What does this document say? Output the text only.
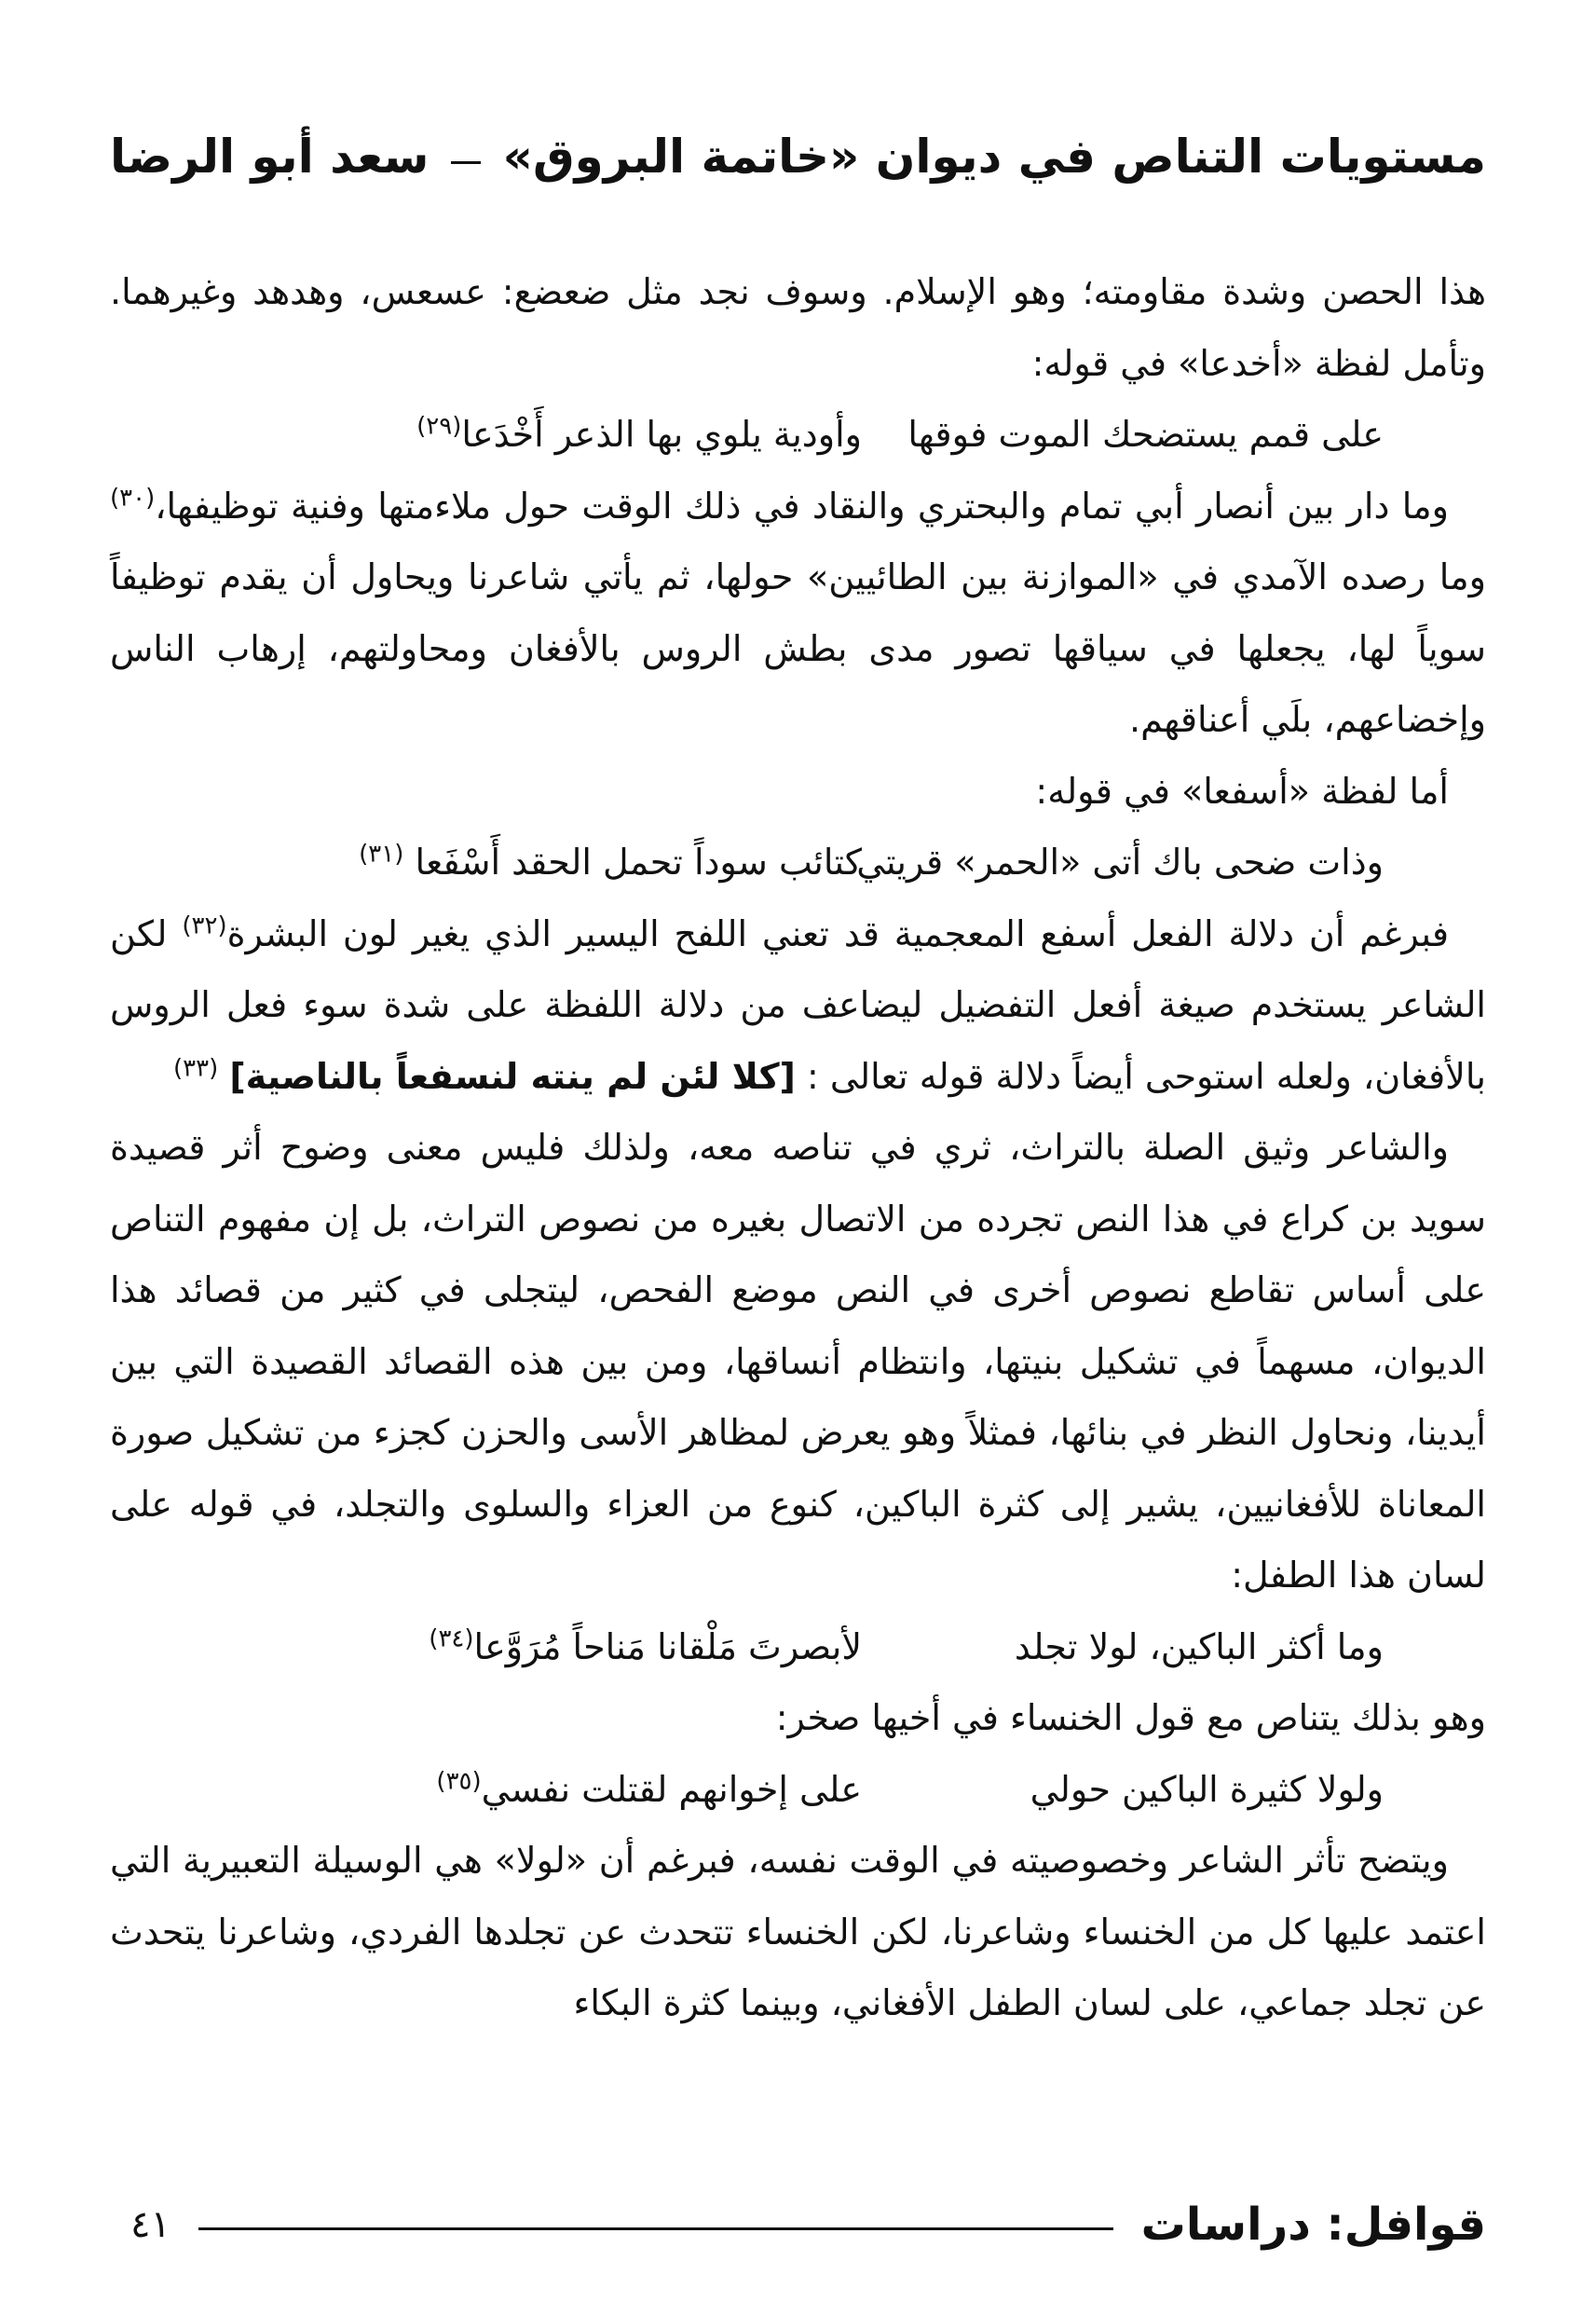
مستويات التناص في ديوان «خاتمة البروق»
سعد أبو الرضا

هذا الحصن وشدة مقاومته؛ وهو الإسلام. وسوف نجد مثل ضعضع: عسعس، وهدهد وغيرهما. وتأمل لفظة «أخدعا» في قوله:

على قمم يستضحك الموت فوقها
وأودية يلوي بها الذعر أَخْدَعا$^{(٢٩)}$

وما دار بين أنصار أبي تمام والبحتري والنقاد في ذلك الوقت حول ملاءمتها وفنية توظيفها،$^{(٣٠)}$ وما رصده الآمدي في «الموازنة بين الطائيين» حولها، ثم يأتي شاعرنا ويحاول أن يقدم توظيفاً سوياً لها، يجعلها في سياقها تصور مدى بطش الروس بالأفغان ومحاولتهم، إرهاب الناس وإخضاعهم، بلَي أعناقهم.

أما لفظة «أسفعا» في قوله:

وذات ضحى باك أتى «الحمر» قريتي
كتائب سوداً تحمل الحقد أَسْفَعا $^{(٣١)}$

فبرغم أن دلالة الفعل أسفع المعجمية قد تعني اللفح اليسير الذي يغير لون البشرة$^{(٣٢)}$ لكن الشاعر يستخدم صيغة أفعل التفضيل ليضاعف من دلالة اللفظة على شدة سوء فعل الروس بالأفغان، ولعله استوحى أيضاً دلالة قوله تعالى : [كلا لئن لم ينته لنسفعاً بالناصية] $^{(٣٣)}$

والشاعر وثيق الصلة بالتراث، ثري في تناصه معه، ولذلك فليس معنى وضوح أثر قصيدة سويد بن كراع في هذا النص تجرده من الاتصال بغيره من نصوص التراث، بل إن مفهوم التناص على أساس تقاطع نصوص أخرى في النص موضع الفحص، ليتجلى في كثير من قصائد هذا الديوان، مسهماً في تشكيل بنيتها، وانتظام أنساقها، ومن بين هذه القصائد القصيدة التي بين أيدينا، ونحاول النظر في بنائها، فمثلاً وهو يعرض لمظاهر الأسى والحزن كجزء من تشكيل صورة المعاناة للأفغانيين، يشير إلى كثرة الباكين، كنوع من العزاء والسلوى والتجلد، في قوله على لسان هذا الطفل:

وما أكثر الباكين، لولا تجلد
لأبصرتَ مَلْقانا مَناحاً مُرَوَّعا$^{(٣٤)}$

وهو بذلك يتناص مع قول الخنساء في أخيها صخر:

ولولا كثيرة الباكين حولي
على إخوانهم لقتلت نفسي$^{(٣٥)}$

ويتضح تأثر الشاعر وخصوصيته في الوقت نفسه، فبرغم أن «لولا» هي الوسيلة التعبيرية التي اعتمد عليها كل من الخنساء وشاعرنا، لكن الخنساء تتحدث عن تجلدها الفردي، وشاعرنا يتحدث عن تجلد جماعي، على لسان الطفل الأفغاني، وبينما كثرة البكاء

قوافل: دراسات
٤١
